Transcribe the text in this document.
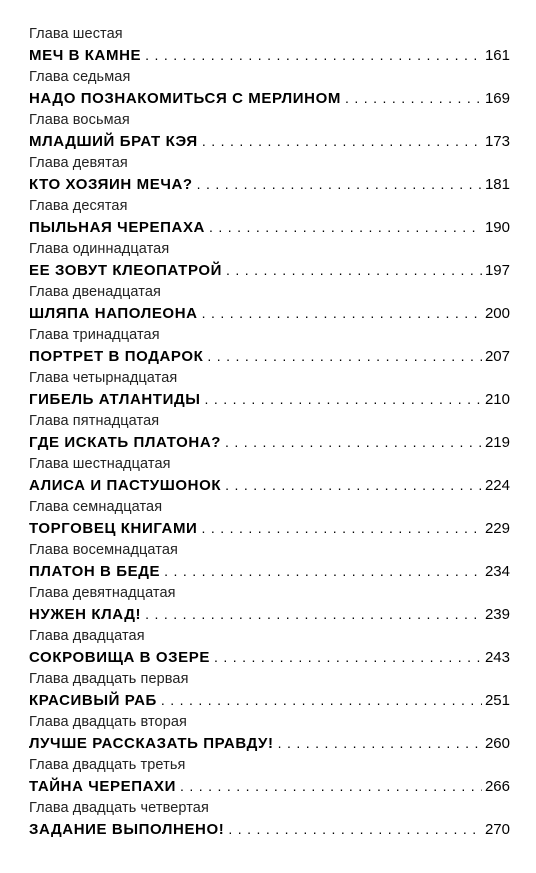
Глава шестая
МЕЧ В КАМНЕ . . .	161
Глава седьмая
НАДО ПОЗНАКОМИТЬСЯ С МЕРЛИНОМ . . .	169
Глава восьмая
МЛАДШИЙ БРАТ КЭЯ . . .	173
Глава девятая
КТО ХОЗЯИН МЕЧА? . . .	181
Глава десятая
ПЫЛЬНАЯ ЧЕРЕПАХА . . .	190
Глава одиннадцатая
ЕЕ ЗОВУТ КЛЕОПАТРОЙ . . .	197
Глава двенадцатая
ШЛЯПА НАПОЛЕОНА . . .	200
Глава тринадцатая
ПОРТРЕТ В ПОДАРОК . . .	207
Глава четырнадцатая
ГИБЕЛЬ АТЛАНТИДЫ . . .	210
Глава пятнадцатая
ГДЕ ИСКАТЬ ПЛАТОНА? . . .	219
Глава шестнадцатая
АЛИСА И ПАСТУШОНОК . . .	224
Глава семнадцатая
ТОРГОВЕЦ КНИГАМИ . . .	229
Глава восемнадцатая
ПЛАТОН В БЕДЕ . . .	234
Глава девятнадцатая
НУЖЕН КЛАД! . . .	239
Глава двадцатая
СОКРОВИЩА В ОЗЕРЕ . . .	243
Глава двадцать первая
КРАСИВЫЙ РАБ . . .	251
Глава двадцать вторая
ЛУЧШЕ РАССКАЗАТЬ ПРАВДУ! . . .	260
Глава двадцать третья
ТАЙНА ЧЕРЕПАХИ . . .	266
Глава двадцать четвертая
ЗАДАНИЕ ВЫПОЛНЕНО! . . .	270
